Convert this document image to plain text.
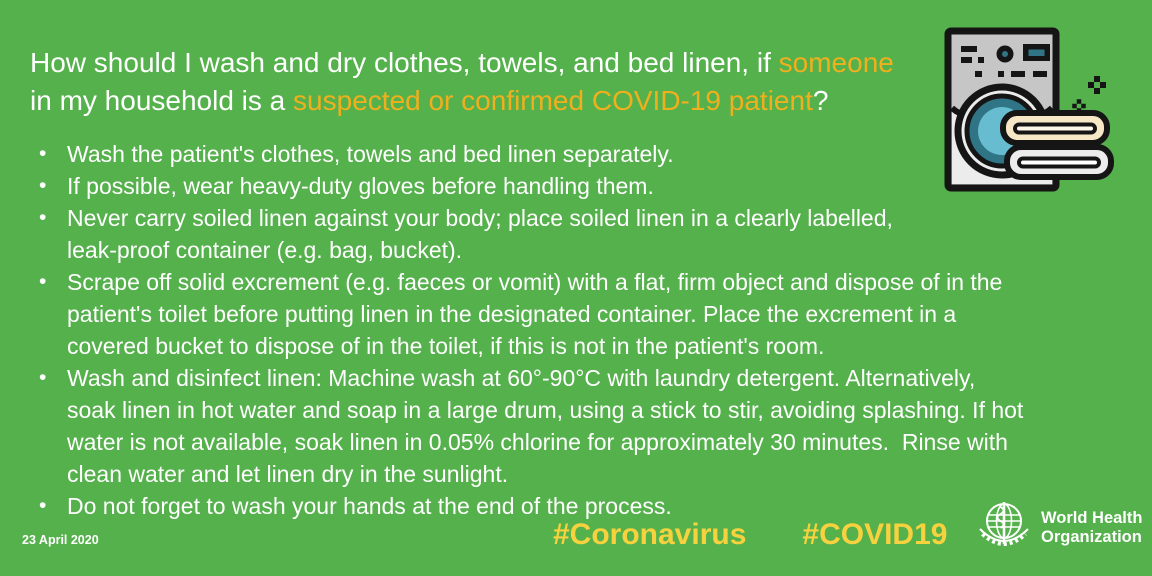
How should I wash and dry clothes, towels, and bed linen, if someone
in my household is a suspected or confirmed COVID-19 patient?
• Wash the patient's clothes, towels and bed linen separately.
• If possible, wear heavy-duty gloves before handling them.
• Never carry soiled linen against your body; place soiled linen in a clearly labelled,
leak-proof container (e.g. bag, bucket).
• Scrape off solid excrement (e.g. faeces or vomit) with a flat, firm object and dispose of in the
patient's toilet before putting linen in the designated container. Place the excrement in a
covered bucket to dispose of in the toilet, if this is not in the patient's room.
• Wash and disinfect linen: Machine wash at 60°-90°C with laundry detergent. Alternatively,
soak linen in hot water and soap in a large drum, using a stick to stir, avoiding splashing. If hot
water is not available, soak linen in 0.05% chlorine for approximately 30 minutes.  Rinse with
clean water and let linen dry in the sunlight.
• Do not forget to wash your hands at the end of the process.
23 April 2020	#Coronavirus #COVID19	World Health
Organization
